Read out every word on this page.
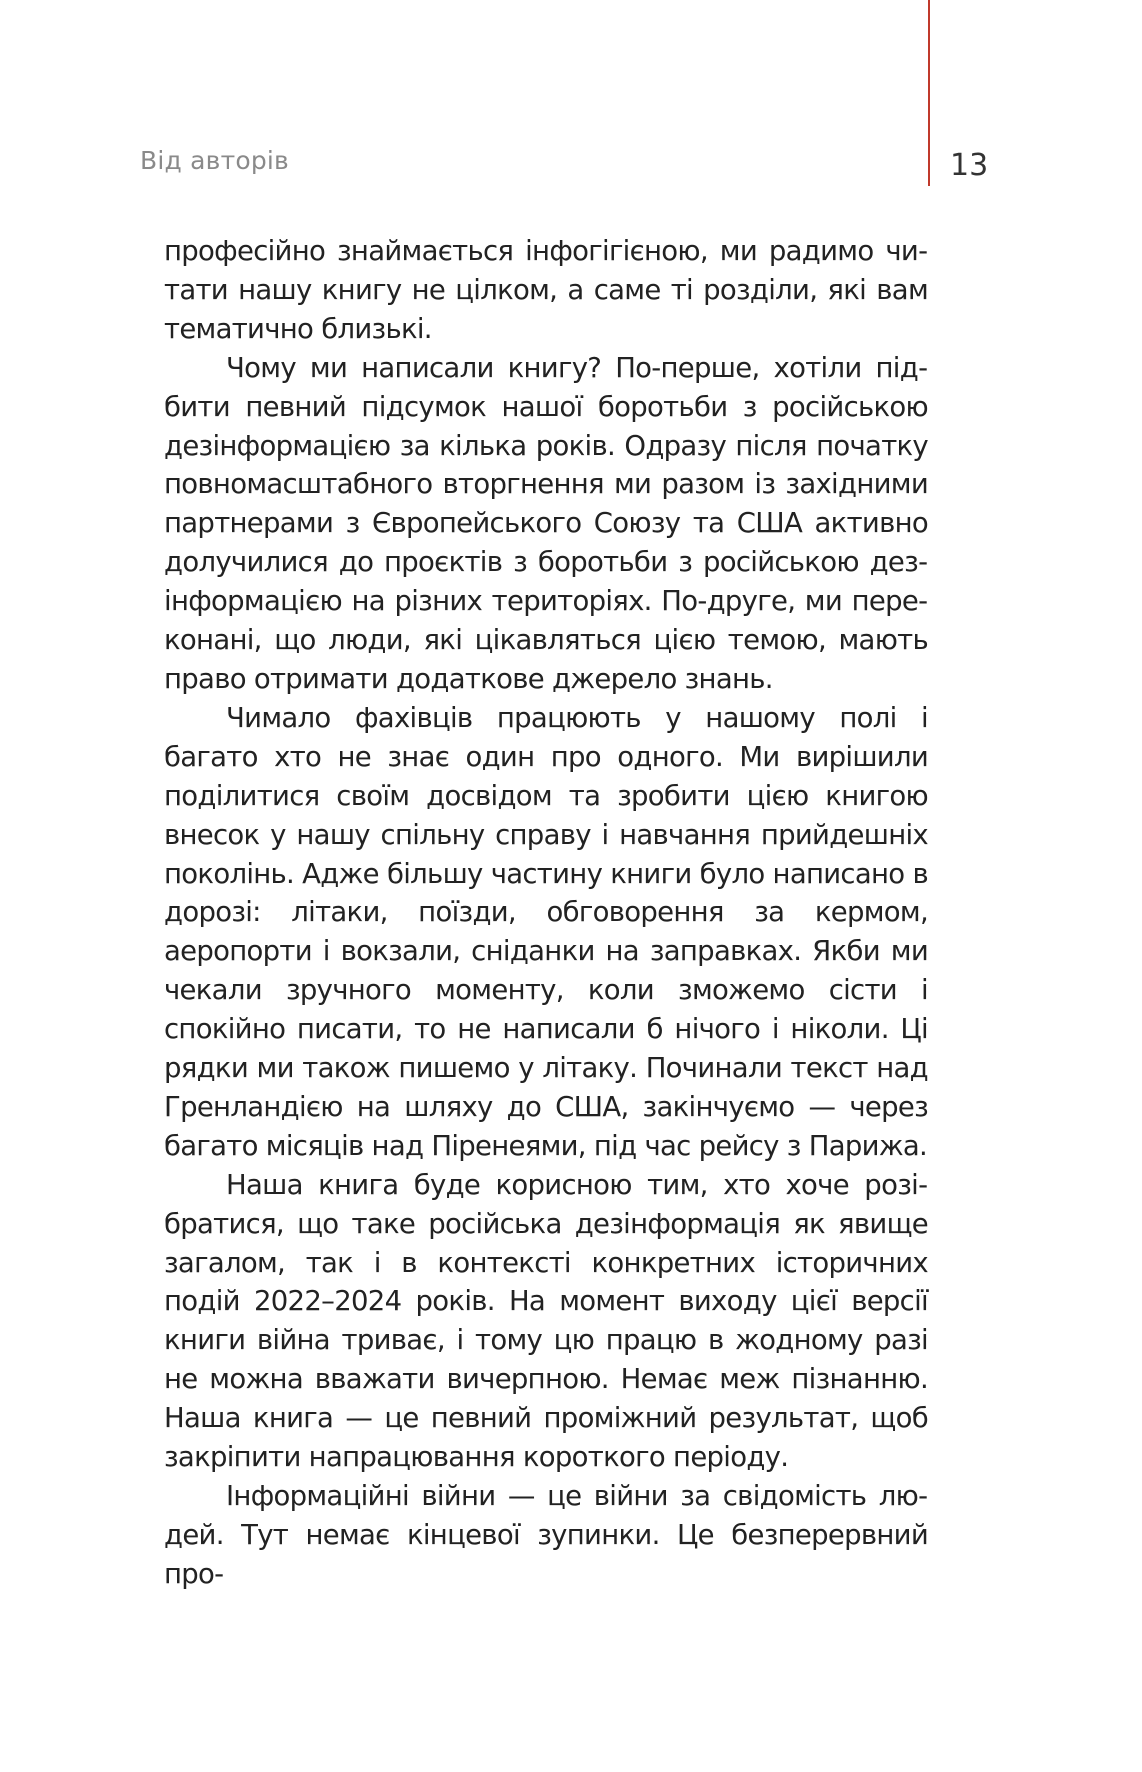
Від авторів	13

професійно знаймається інфогігієною, ми радимо читати нашу книгу не цілком, а саме ті розділи, які вам тематично близькі.

Чому ми написали книгу? По-перше, хотіли підбити певний підсумок нашої боротьби з російською дезінформацією за кілька років. Одразу після початку повномасштабного вторгнення ми разом із західними партнерами з Європейського Союзу та США активно долучилися до проєктів з боротьби з російською дезінформацією на різних територіях. По-друге, ми переконані, що люди, які цікавляться цією темою, мають право отримати додаткове джерело знань.

Чимало фахівців працюють у нашому полі і багато хто не знає один про одного. Ми вирішили поділитися своїм досвідом та зробити цією книгою внесок у нашу спільну справу і навчання прийдешніх поколінь. Адже більшу частину книги було написано в дорозі: літаки, поїзди, обговорення за кермом, аеропорти і вокзали, сніданки на заправках. Якби ми чекали зручного моменту, коли зможемо сісти і спокійно писати, то не написали б нічого і ніколи. Ці рядки ми також пишемо у літаку. Починали текст над Гренландією на шляху до США, закінчуємо — через багато місяців над Піренеями, під час рейсу з Парижа.

Наша книга буде корисною тим, хто хоче розібратися, що таке російська дезінформація як явище загалом, так і в контексті конкретних історичних подій 2022–2024 років. На момент виходу цієї версії книги війна триває, і тому цю працю в жодному разі не можна вважати вичерпною. Немає меж пізнанню. Наша книга — це певний проміжний результат, щоб закріпити напрацювання короткого періоду.

Інформаційні війни — це війни за свідомість людей. Тут немає кінцевої зупинки. Це безперервний про-
